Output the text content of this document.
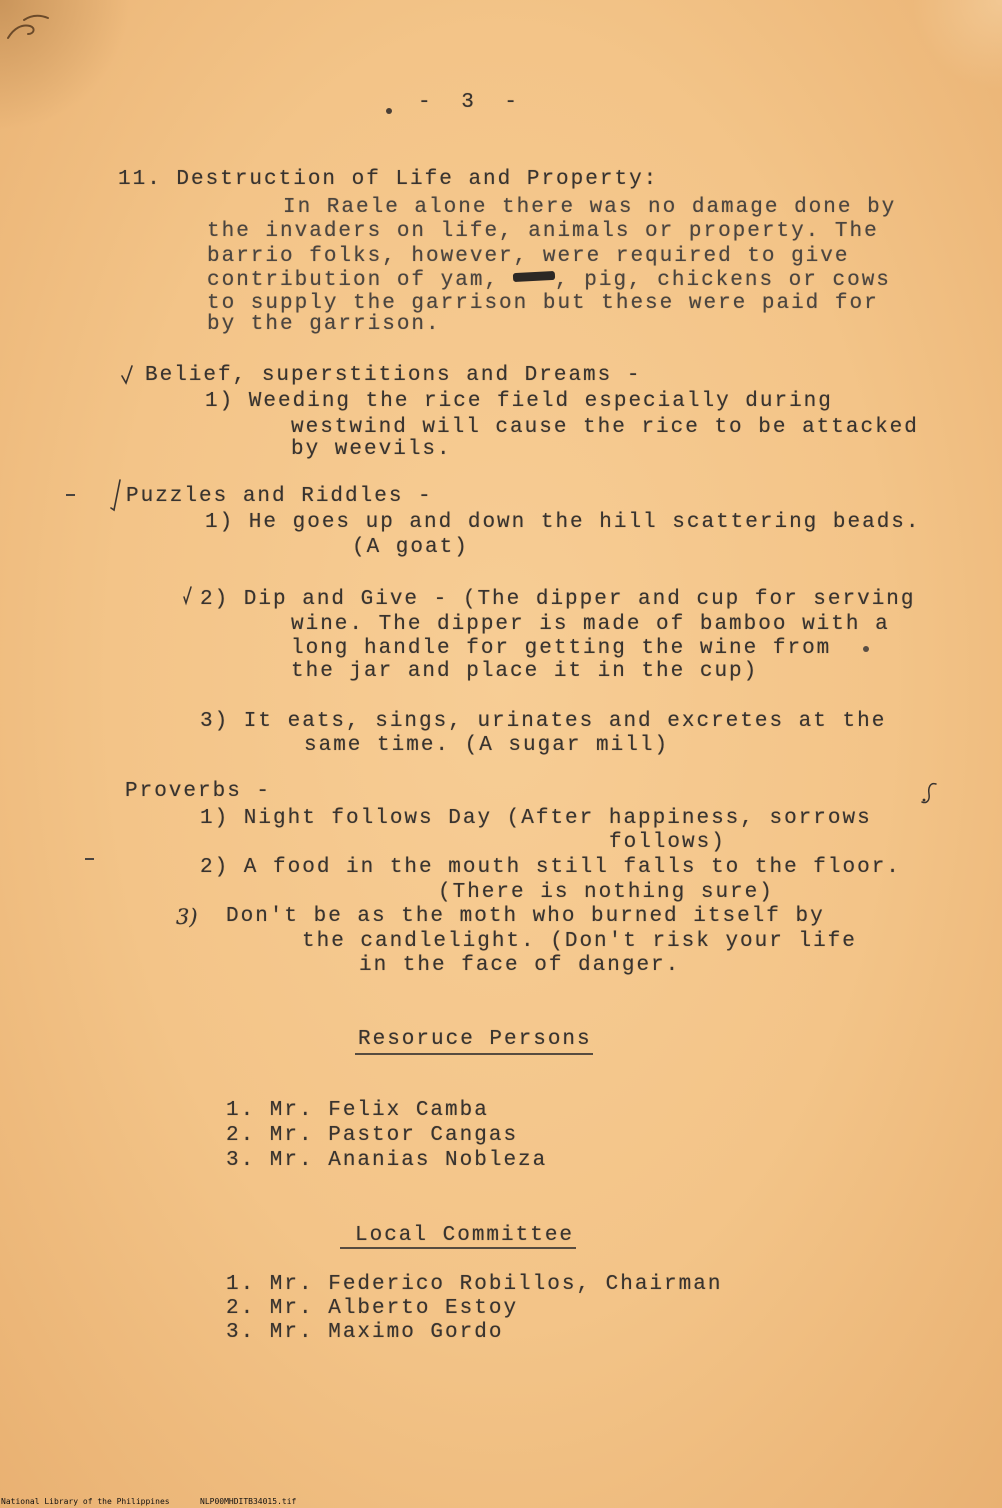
- 3 -
11. Destruction of Life and Property:
In Raele alone there was no damage done by
the invaders on life, animals or property. The
barrio folks, however, were required to give
contribution of yam,	, pig, chickens or cows
to supply the garrison but these were paid for
by the garrison.
Belief, superstitions and Dreams -
1) Weeding the rice field especially during
westwind will cause the rice to be attacked
by weevils.
Puzzles and Riddles -
1) He goes up and down the hill scattering beads.
(A goat)
2) Dip and Give - (The dipper and cup for serving
wine. The dipper is made of bamboo with a
long handle for getting the wine from
the jar and place it in the cup)
3) It eats, sings, urinates and excretes at the
same time. (A sugar mill)
Proverbs -
1) Night follows Day (After happiness, sorrows
follows)
2) A food in the mouth still falls to the floor.
(There is nothing sure)
3) Don't be as the moth who burned itself by
the candlelight. (Don't risk your life
in the face of danger.
Resoruce Persons
1. Mr. Felix Camba
2. Mr. Pastor Cangas
3. Mr. Ananias Nobleza
Local Committee
1. Mr. Federico Robillos, Chairman
2. Mr. Alberto Estoy
3. Mr. Maximo Gordo
National Library of the Philippines	NLP00MHDITB34015.tif
